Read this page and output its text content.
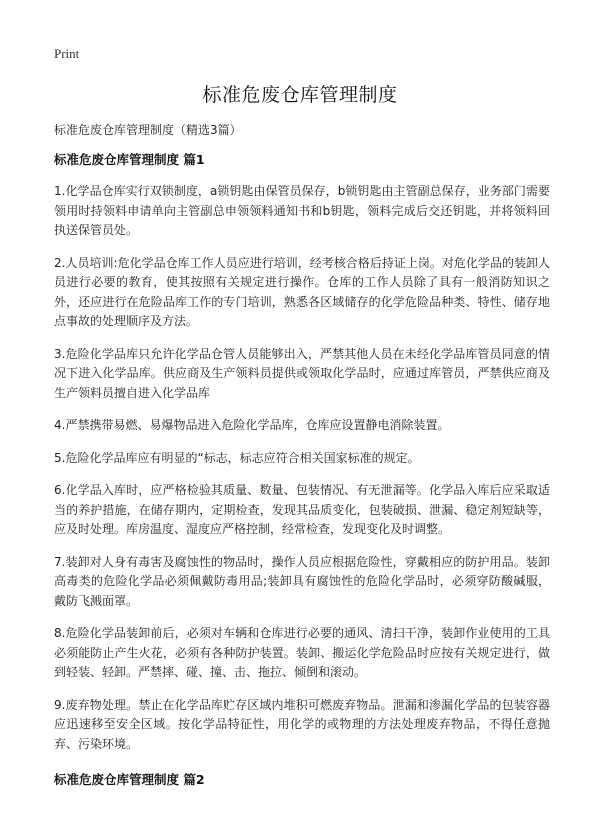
Print
标准危废仓库管理制度
标准危废仓库管理制度（精选3篇）
标准危废仓库管理制度 篇1

1.化学品仓库实行双锁制度，a锁钥匙由保管员保存，b锁钥匙由主管副总保存，业务部门需要领用时持领料申请单向主管副总申领领料通知书和b钥匙，领料完成后交还钥匙，并将领料回执送保管员处。

2.人员培训:危化学品仓库工作人员应进行培训，经考核合格后持证上岗。对危化学品的装卸人员进行必要的教育，使其按照有关规定进行操作。仓库的工作人员除了具有一般消防知识之外，还应进行在危险品库工作的专门培训，熟悉各区域储存的化学危险品种类、特性、储存地点事故的处理顺序及方法。

3.危险化学品库只允许化学品仓管人员能够出入，严禁其他人员在未经化学品库管员同意的情况下进入化学品库。供应商及生产领料员提供或领取化学品时，应通过库管员，严禁供应商及生产领料员擅自进入化学品库

4.严禁携带易燃、易爆物品进入危险化学品库，仓库应设置静电消除装置。

5.危险化学品库应有明显的“标志，标志应符合相关国家标准的规定。

6.化学品入库时，应严格检验其质量、数量、包装情况、有无泄漏等。化学品入库后应采取适当的养护措施，在储存期内，定期检查，发现其品质变化，包装破损、泄漏、稳定剂短缺等，应及时处理。库房温度、湿度应严格控制，经常检查，发现变化及时调整。

7.装卸对人身有毒害及腐蚀性的物品时，操作人员应根据危险性，穿戴相应的防护用品。装卸高毒类的危险化学品必须佩戴防毒用品;装卸具有腐蚀性的危险化学品时，必须穿防酸碱服，戴防飞溅面罩。

8.危险化学品装卸前后，必须对车辆和仓库进行必要的通风、清扫干净，装卸作业使用的工具必须能防止产生火花，必须有各种防护装置。装卸、搬运化学危险品时应按有关规定进行，做到轻装、轻卸。严禁摔、碰、撞、击、拖拉、倾倒和滚动。

9.废弃物处理。禁止在化学品库贮存区域内堆积可燃废弃物品。泄漏和渗漏化学品的包装容器应迅速移至安全区域。按化学品特征性，用化学的或物理的方法处理废弃物品，不得任意抛弃、污染环境。

标准危废仓库管理制度 篇2
